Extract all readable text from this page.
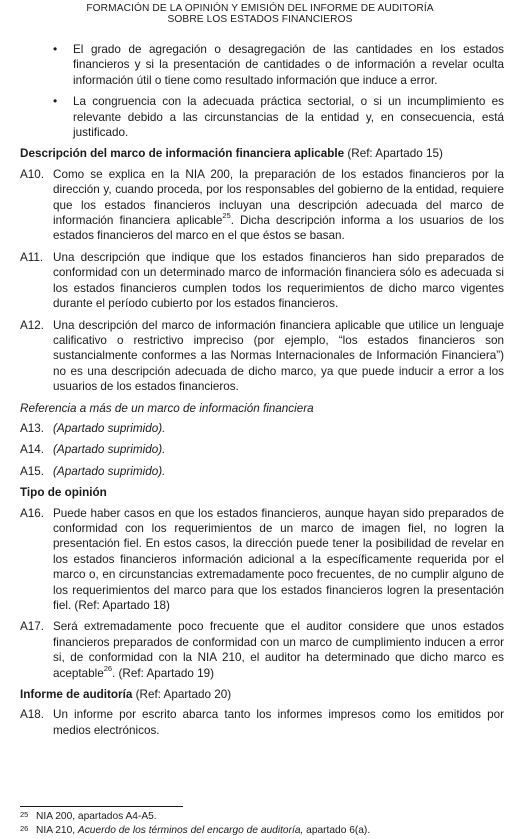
FORMACIÓN DE LA OPINIÓN Y EMISIÓN DEL INFORME DE AUDITORÍA
SOBRE LOS ESTADOS FINANCIEROS
• El grado de agregación o desagregación de las cantidades en los estados financieros y si la presentación de cantidades o de información a revelar oculta información útil o tiene como resultado información que induce a error.
• La congruencia con la adecuada práctica sectorial, o si un incumplimiento es relevante debido a las circunstancias de la entidad y, en consecuencia, está justificado.
Descripción del marco de información financiera aplicable (Ref: Apartado 15)
A10. Como se explica en la NIA 200, la preparación de los estados financieros por la dirección y, cuando proceda, por los responsables del gobierno de la entidad, requiere que los estados financieros incluyan una descripción adecuada del marco de información financiera aplicable$^{25}$. Dicha descripción informa a los usuarios de los estados financieros del marco en el que éstos se basan.
A11. Una descripción que indique que los estados financieros han sido preparados de conformidad con un determinado marco de información financiera sólo es adecuada si los estados financieros cumplen todos los requerimientos de dicho marco vigentes durante el período cubierto por los estados financieros.
A12. Una descripción del marco de información financiera aplicable que utilice un lenguaje calificativo o restrictivo impreciso (por ejemplo, “los estados financieros son sustancialmente conformes a las Normas Internacionales de Información Financiera”) no es una descripción adecuada de dicho marco, ya que puede inducir a error a los usuarios de los estados financieros.
Referencia a más de un marco de información financiera
A13. (Apartado suprimido).
A14. (Apartado suprimido).
A15. (Apartado suprimido).
Tipo de opinión
A16. Puede haber casos en que los estados financieros, aunque hayan sido preparados de conformidad con los requerimientos de un marco de imagen fiel, no logren la presentación fiel. En estos casos, la dirección puede tener la posibilidad de revelar en los estados financieros información adicional a la específicamente requerida por el marco o, en circunstancias extremadamente poco frecuentes, de no cumplir alguno de los requerimientos del marco para que los estados financieros logren la presentación fiel. (Ref: Apartado 18)
A17. Será extremadamente poco frecuente que el auditor considere que unos estados financieros preparados de conformidad con un marco de cumplimiento inducen a error si, de conformidad con la NIA 210, el auditor ha determinado que dicho marco es aceptable$^{26}$. (Ref: Apartado 19)
Informe de auditoría (Ref: Apartado 20)
A18. Un informe por escrito abarca tanto los informes impresos como los emitidos por medios electrónicos.
25 NIA 200, apartados A4-A5.
26 NIA 210, Acuerdo de los términos del encargo de auditoría, apartado 6(a).
